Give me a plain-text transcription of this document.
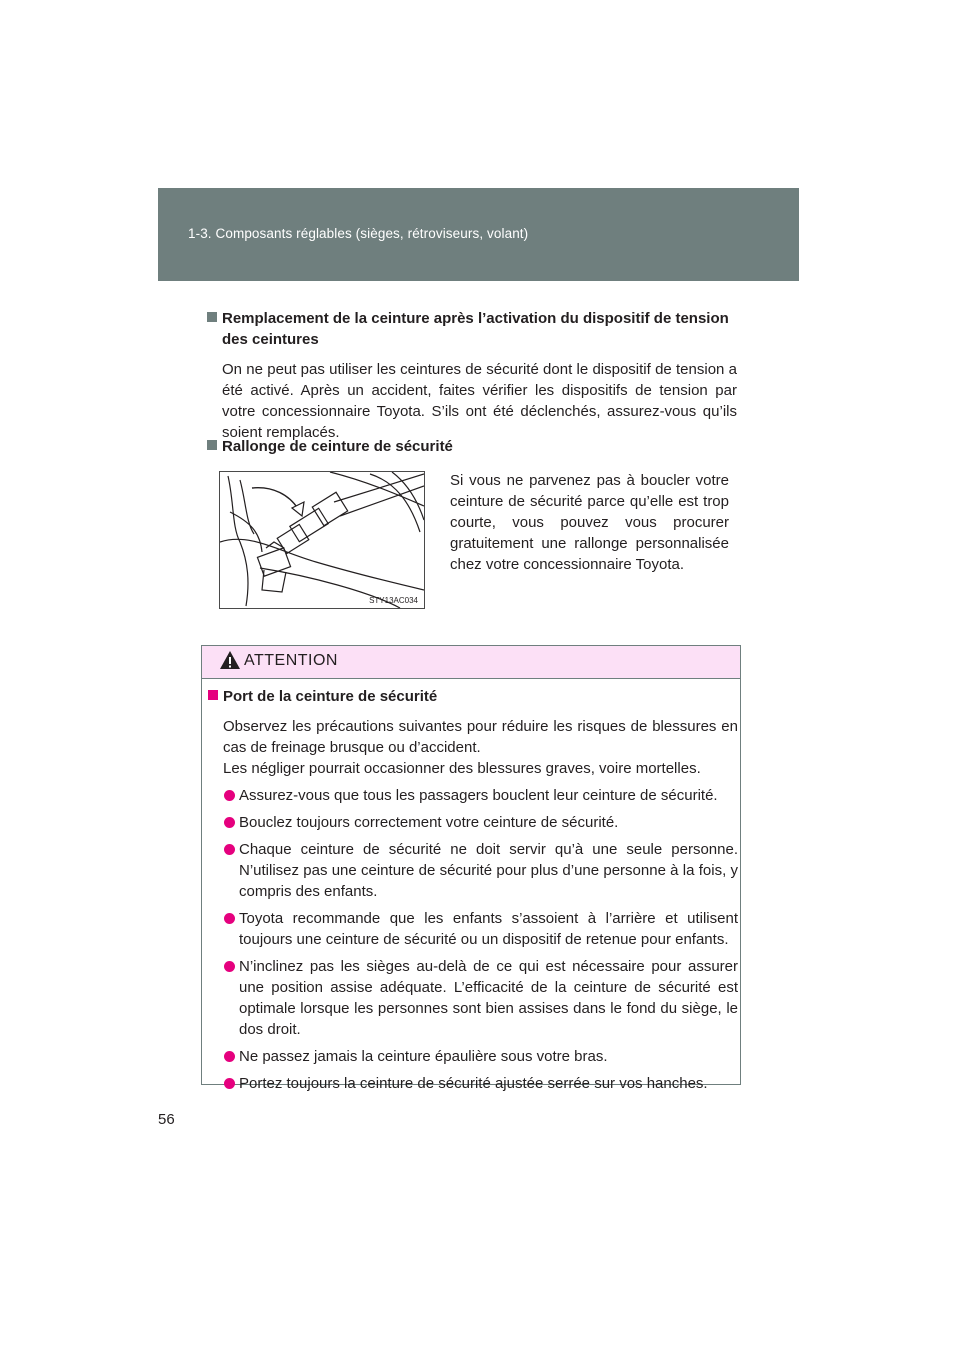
1-3. Composants réglables (sièges, rétroviseurs, volant)
Remplacement de la ceinture après l’activation du dispositif de tension
des ceintures
On ne peut pas utiliser les ceintures de sécurité dont le dispositif de tension a été activé. Après un accident, faites vérifier les dispositifs de tension par votre concessionnaire Toyota. S’ils ont été déclenchés, assurez-vous qu’ils soient remplacés.
Rallonge de ceinture de sécurité
STY13AC034
Si vous ne parvenez pas à boucler votre ceinture de sécurité parce qu’elle est trop courte, vous pouvez vous procurer gratuitement une rallonge personnalisée chez votre concessionnaire Toyota.
ATTENTION
Port de la ceinture de sécurité
Observez les précautions suivantes pour réduire les risques de blessures en cas de freinage brusque ou d’accident.
Les négliger pourrait occasionner des blessures graves, voire mortelles.
Assurez-vous que tous les passagers bouclent leur ceinture de sécurité.
Bouclez toujours correctement votre ceinture de sécurité.
Chaque ceinture de sécurité ne doit servir qu’à une seule personne. N’utilisez pas une ceinture de sécurité pour plus d’une personne à la fois, y compris des enfants.
Toyota recommande que les enfants s’assoient à l’arrière et utilisent toujours une ceinture de sécurité ou un dispositif de retenue pour enfants.
N’inclinez pas les sièges au-delà de ce qui est nécessaire pour assurer une position assise adéquate. L’efficacité de la ceinture de sécurité est optimale lorsque les personnes sont bien assises dans le fond du siège, le dos droit.
Ne passez jamais la ceinture épaulière sous votre bras.
Portez toujours la ceinture de sécurité ajustée serrée sur vos hanches.
56
